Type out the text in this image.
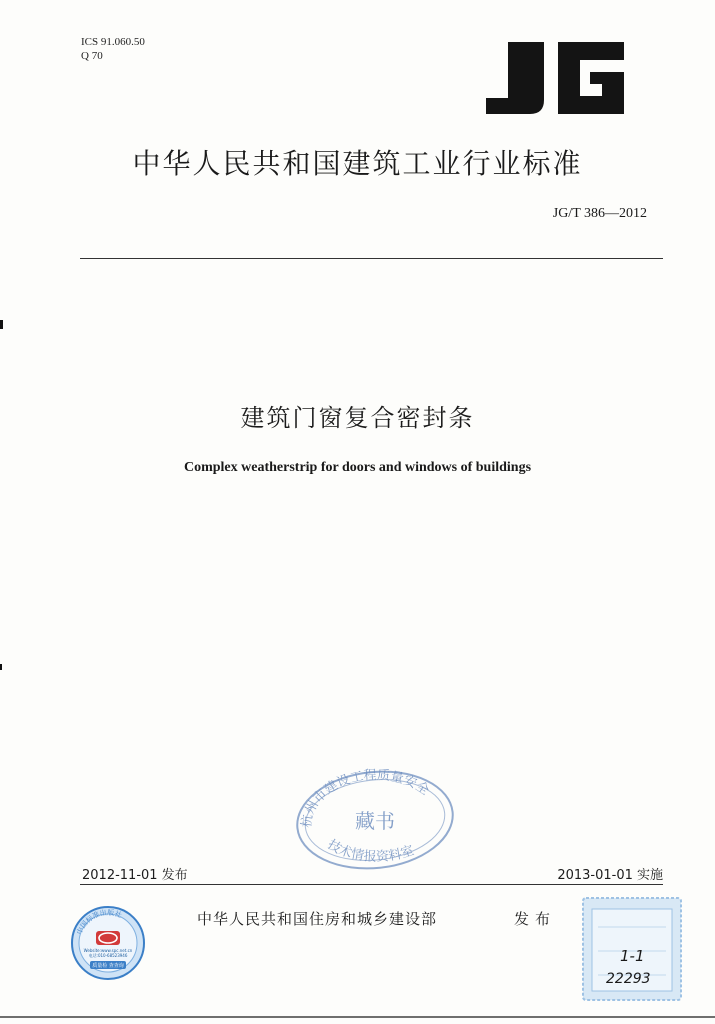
ICS 91.060.50
Q 70
中华人民共和国建筑工业行业标准
JG/T 386—2012
建筑门窗复合密封条
Complex weatherstrip for doors and windows of buildings
杭州市建设工程质量安全
藏书
技术情报资料室
2012-11-01 发布	2013-01-01 实施
中华人民共和国住房和城乡建设部	发布
中国标准出版社
Website:www.spc.net.cn
电话:010-68523946
质量检 查查询
1-1
22293
